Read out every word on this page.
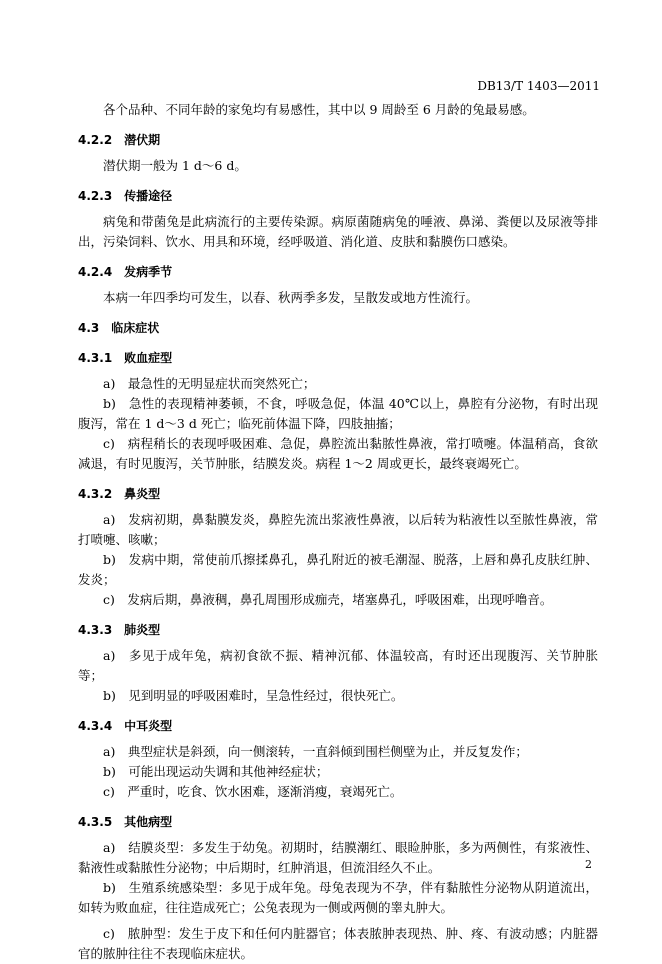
DB13/T 1403—2011
各个品种、不同年龄的家兔均有易感性，其中以 9 周龄至 6 月龄的兔最易感。
4.2.2　潜伏期
潜伏期一般为 1 d～6 d。
4.2.3　传播途径
病兔和带菌兔是此病流行的主要传染源。病原菌随病兔的唾液、鼻涕、粪便以及尿液等排出，污染饲料、饮水、用具和环境，经呼吸道、消化道、皮肤和黏膜伤口感染。
4.2.4　发病季节
本病一年四季均可发生，以春、秋两季多发，呈散发或地方性流行。
4.3　临床症状
4.3.1　败血症型
a)　最急性的无明显症状而突然死亡；
b)　急性的表现精神萎顿，不食，呼吸急促，体温 40℃以上，鼻腔有分泌物，有时出现腹泻，常在 1 d～3 d 死亡；临死前体温下降，四肢抽搐；
c)　病程稍长的表现呼吸困难、急促，鼻腔流出黏脓性鼻液，常打喷嚏。体温稍高，食欲减退，有时见腹泻，关节肿胀，结膜发炎。病程 1～2 周或更长，最终衰竭死亡。
4.3.2　鼻炎型
a)　发病初期，鼻黏膜发炎，鼻腔先流出浆液性鼻液，以后转为粘液性以至脓性鼻液，常打喷嚏、咳嗽；
b)　发病中期，常使前爪擦揉鼻孔，鼻孔附近的被毛潮湿、脱落，上唇和鼻孔皮肤红肿、发炎；
c)　发病后期，鼻液稠，鼻孔周围形成痂壳，堵塞鼻孔，呼吸困难，出现呼噜音。
4.3.3　肺炎型
a)　多见于成年兔，病初食欲不振、精神沉郁、体温较高，有时还出现腹泻、关节肿胀等；
b)　见到明显的呼吸困难时，呈急性经过，很快死亡。
4.3.4　中耳炎型
a)　典型症状是斜颈，向一侧滚转，一直斜倾到围栏侧壁为止，并反复发作；
b)　可能出现运动失调和其他神经症状；
c)　严重时，吃食、饮水困难，逐渐消瘦，衰竭死亡。
4.3.5　其他病型
a)　结膜炎型：多发生于幼兔。初期时，结膜潮红、眼睑肿胀，多为两侧性，有浆液性、黏液性或黏脓性分泌物；中后期时，红肿消退，但流泪经久不止。
b)　生殖系统感染型：多见于成年兔。母兔表现为不孕，伴有黏脓性分泌物从阴道流出，如转为败血症，往往造成死亡；公兔表现为一侧或两侧的睾丸肿大。
c)　脓肿型：发生于皮下和任何内脏器官；体表脓肿表现热、肿、疼、有波动感；内脏器官的脓肿往往不表现临床症状。
2
